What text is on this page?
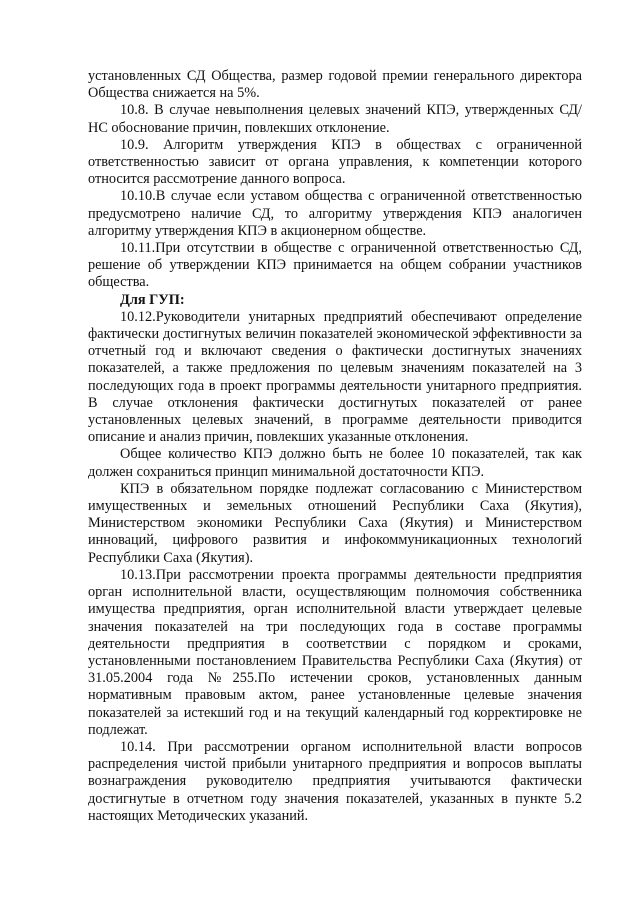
установленных СД Общества, размер годовой премии генерального директора Общества снижается на 5%.

10.8. В случае невыполнения целевых значений КПЭ, утвержденных СД/ НС обоснование причин, повлекших отклонение.

10.9. Алгоритм утверждения КПЭ в обществах с ограниченной ответственностью зависит от органа управления, к компетенции которого относится рассмотрение данного вопроса.

10.10.В случае если уставом общества с ограниченной ответственностью предусмотрено наличие СД, то алгоритму утверждения КПЭ аналогичен алгоритму утверждения КПЭ в акционерном обществе.

10.11.При отсутствии в обществе с ограниченной ответственностью СД, решение об утверждении КПЭ принимается на общем собрании участников общества.

Для ГУП:

10.12.Руководители унитарных предприятий обеспечивают определение фактически достигнутых величин показателей экономической эффективности за отчетный год и включают сведения о фактически достигнутых значениях показателей, а также предложения по целевым значениям показателей на 3 последующих года в проект программы деятельности унитарного предприятия. В случае отклонения фактически достигнутых показателей от ранее установленных целевых значений, в программе деятельности приводится описание и анализ причин, повлекших указанные отклонения.

Общее количество КПЭ должно быть не более 10 показателей, так как должен сохраниться принцип минимальной достаточности КПЭ.

КПЭ в обязательном порядке подлежат согласованию с Министерством имущественных и земельных отношений Республики Саха (Якутия), Министерством экономики Республики Саха (Якутия) и Министерством инноваций, цифрового развития и инфокоммуникационных технологий Республики Саха (Якутия).

10.13.При рассмотрении проекта программы деятельности предприятия орган исполнительной власти, осуществляющим полномочия собственника имущества предприятия, орган исполнительной власти утверждает целевые значения показателей на три последующих года в составе программы деятельности предприятия в соответствии с порядком и сроками, установленными постановлением Правительства Республики Саха (Якутия) от 31.05.2004 года №255.По истечении сроков, установленных данным нормативным правовым актом, ранее установленные целевые значения показателей за истекший год и на текущий календарный год корректировке не подлежат.

10.14. При рассмотрении органом исполнительной власти вопросов распределения чистой прибыли унитарного предприятия и вопросов выплаты вознаграждения руководителю предприятия учитываются фактически достигнутые в отчетном году значения показателей, указанных в пункте 5.2 настоящих Методических указаний.
